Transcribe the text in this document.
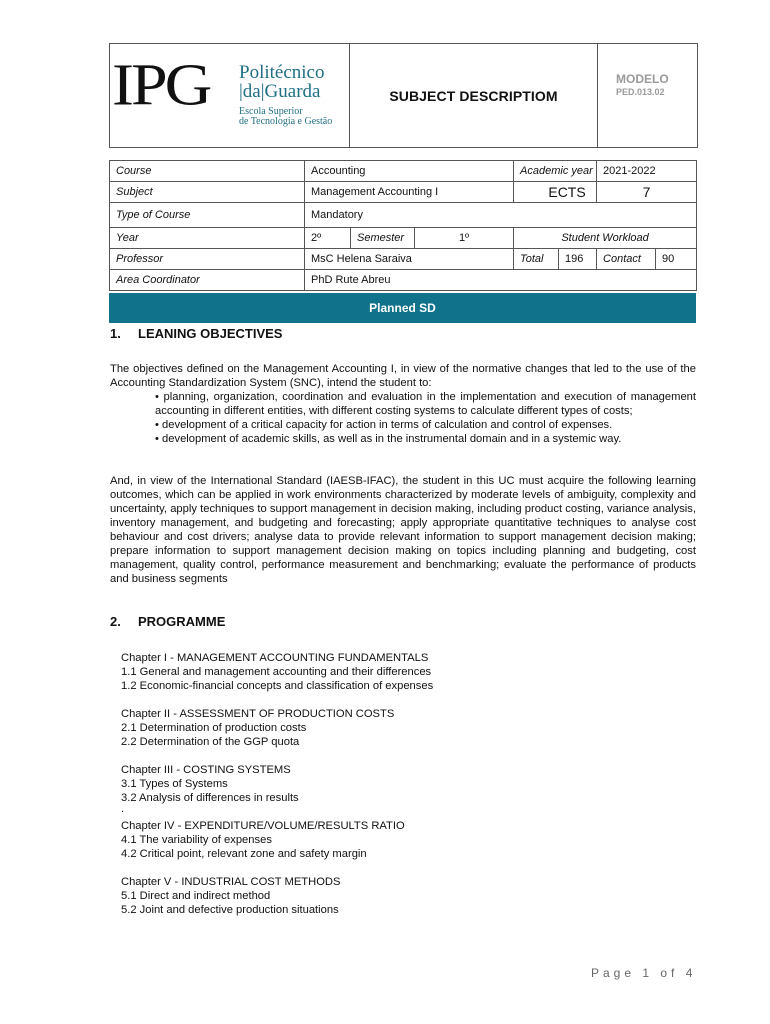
IPG Politécnico
|da|Guarda
Escola Superior
de Tecnologia e Gestão
SUBJECT DESCRIPTIOM
MODELO
PED.013.02
Course	Accounting			Academic year		2021-2022	
Subject	Management Accounting I			ECTS		7	
Type of Course	Mandatory						
Year	2º	Semester	1º	Student Workload			
Professor	MsC Helena Saraiva			Total	196	Contact	90
Area Coordinator	PhD Rute Abreu						
Planned SD
1. LEANING OBJECTIVES

The objectives defined on the Management Accounting I, in view of the normative changes that led to the use of the Accounting Standardization System (SNC), intend the student to:

• planning, organization, coordination and evaluation in the implementation and execution of management accounting in different entities, with different costing systems to calculate different types of costs;

• development of a critical capacity for action in terms of calculation and control of expenses.

• development of academic skills, as well as in the instrumental domain and in a systemic way.

And, in view of the International Standard (IAESB-IFAC), the student in this UC must acquire the following learning outcomes, which can be applied in work environments characterized by moderate levels of ambiguity, complexity and uncertainty, apply techniques to support management in decision making, including product costing, variance analysis, inventory management, and budgeting and forecasting; apply appropriate quantitative techniques to analyse cost behaviour and cost drivers; analyse data to provide relevant information to support management decision making; prepare information to support management decision making on topics including planning and budgeting, cost management, quality control, performance measurement and benchmarking; evaluate the performance of products and business segments

2. PROGRAMME

Chapter I - MANAGEMENT ACCOUNTING FUNDAMENTALS

1.1 General and management accounting and their differences

1.2 Economic-financial concepts and classification of expenses

Chapter II - ASSESSMENT OF PRODUCTION COSTS

2.1 Determination of production costs

2.2 Determination of the GGP quota

Chapter III - COSTING SYSTEMS

3.1 Types of Systems

3.2 Analysis of differences in results

.

Chapter IV - EXPENDITURE/VOLUME/RESULTS RATIO

4.1 The variability of expenses

4.2 Critical point, relevant zone and safety margin

Chapter V - INDUSTRIAL COST METHODS

5.1 Direct and indirect method

5.2 Joint and defective production situations

Page 1 of 4
